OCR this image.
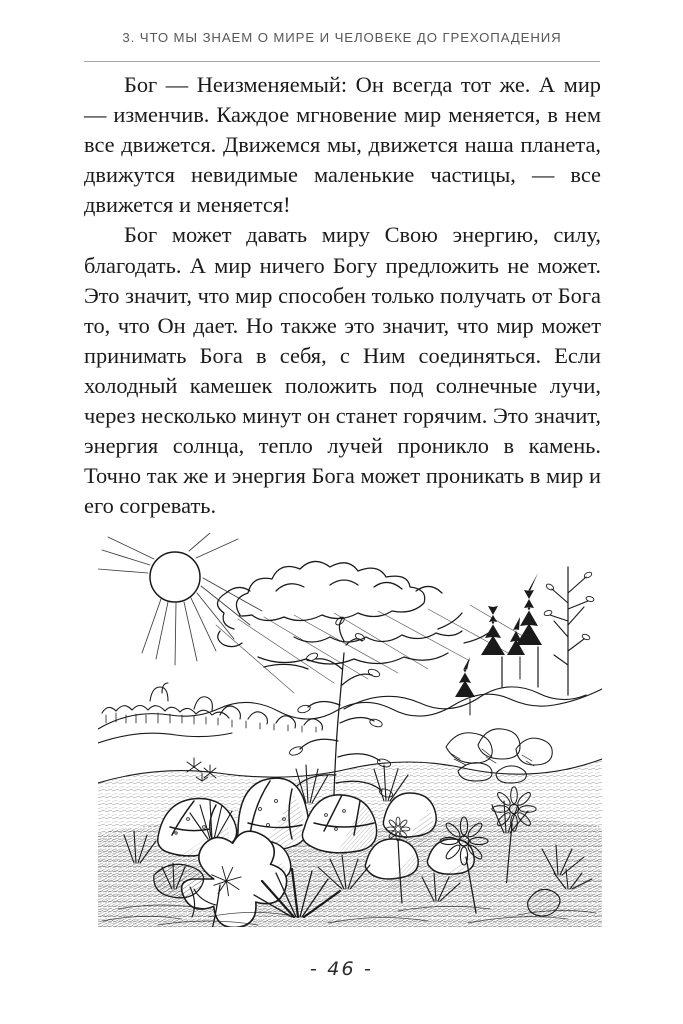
3. ЧТО МЫ ЗНАЕМ О МИРЕ И ЧЕЛОВЕКЕ ДО ГРЕХОПАДЕНИЯ

Бог — Неизменяемый: Он всегда тот же. А мир — изменчив. Каждое мгновение мир меняется, в нем все движется. Движемся мы, движется наша планета, движутся невидимые маленькие частицы, — все движется и меняется!

Бог может давать миру Свою энергию, силу, благодать. А мир ничего Богу предложить не может. Это значит, что мир способен только получать от Бога то, что Он дает. Но также это значит, что мир может принимать Бога в себя, с Ним соединяться. Если холодный камешек положить под солнечные лучи, через несколько минут он станет горячим. Это значит, энергия солнца, тепло лучей проникло в камень. Точно так же и энергия Бога может проникать в мир и его согревать.

- 46 -
